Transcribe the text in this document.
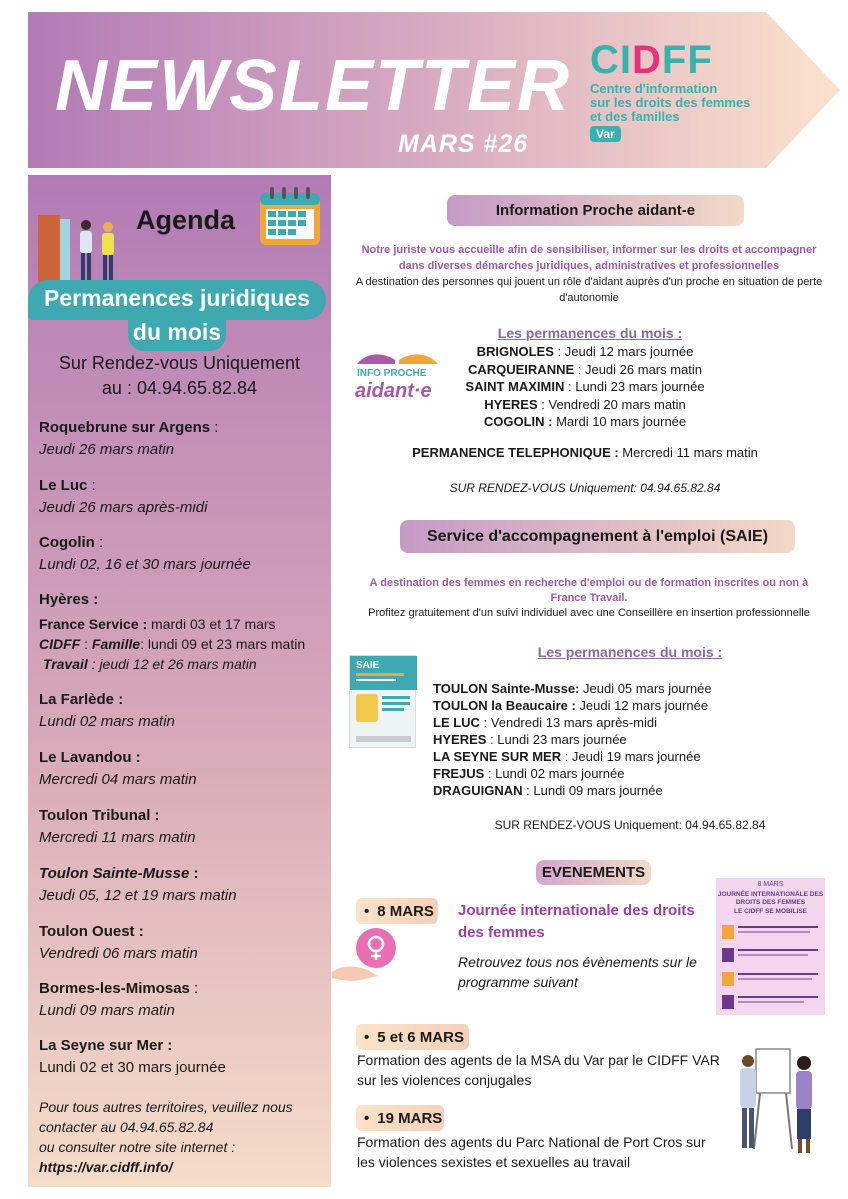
NEWSLETTER
MARS #26
CIDFF
Centre d'information
sur les droits des femmes
et des familles
Var
Agenda
Permanences juridiques
du mois
Sur Rendez-vous Uniquement
au : 04.94.65.82.84
Roquebrune sur Argens :
Jeudi 26 mars matin
Le Luc :
Jeudi 26 mars après-midi
Cogolin :
Lundi 02, 16 et 30 mars journée
Hyères :
France Service : mardi 03 et 17 mars
CIDFF : Famille: lundi 09 et 23 mars matin
Travail : jeudi 12 et 26 mars matin
La Farlède :
Lundi 02 mars matin
Le Lavandou :
Mercredi 04 mars matin
Toulon Tribunal :
Mercredi 11 mars matin
Toulon Sainte-Musse :
Jeudi 05, 12 et 19 mars matin
Toulon Ouest :
Vendredi 06 mars matin
Bormes-les-Mimosas :
Lundi 09 mars matin
La Seyne sur Mer :
Lundi 02 et 30 mars journée
Pour tous autres territoires, veuillez nous
contacter au 04.94.65.82.84
ou consulter notre site internet :
https://var.cidff.info/
Information Proche aidant-e
Notre juriste vous accueille afin de sensibiliser, informer sur les droits et accompagner
dans diverses démarches juridiques, administratives et professionnelles
A destination des personnes qui jouent un rôle d'aidant auprès d'un proche en situation de perte
d'autonomie
Les permanences du mois :
INFO PROCHE
aidant·e
BRIGNOLES : Jeudi 12 mars journée
CARQUEIRANNE : Jeudi 26 mars matin
SAINT MAXIMIN : Lundi 23 mars journée
HYERES : Vendredi 20 mars matin
COGOLIN : Mardi 10 mars journée
PERMANENCE TELEPHONIQUE : Mercredi 11 mars matin
SUR RENDEZ-VOUS Uniquement: 04.94.65.82.84
Service d'accompagnement à l'emploi (SAIE)
A destination des femmes en recherche d'emploi ou de formation inscrites ou non à
France Travail.
Profitez gratuitement d'un suivi individuel avec une Conseillère en insertion professionnelle
Les permanences du mois :
SAIE
TOULON Sainte-Musse: Jeudi 05 mars journée
TOULON la Beaucaire : Jeudi 12 mars journée
LE LUC : Vendredi 13 mars après-midi
HYERES : Lundi 23 mars journée
LA SEYNE SUR MER : Jeudi 19 mars journée
FREJUS : Lundi 02 mars journée
DRAGUIGNAN : Lundi 09 mars journée
SUR RENDEZ-VOUS Uniquement: 04.94.65.82.84
EVENEMENTS
• 8 MARS Journée internationale des droits
des femmes
Retrouvez tous nos évènements sur le
programme suivant
8 MARS
JOURNÉE INTERNATIONALE DES
DROITS DES FEMMES
LE CIDFF SE MOBILISE
• 5 et 6 MARS
Formation des agents de la MSA du Var par le CIDFF VAR
sur les violences conjugales
• 19 MARS
Formation des agents du Parc National de Port Cros sur
les violences sexistes et sexuelles au travail
